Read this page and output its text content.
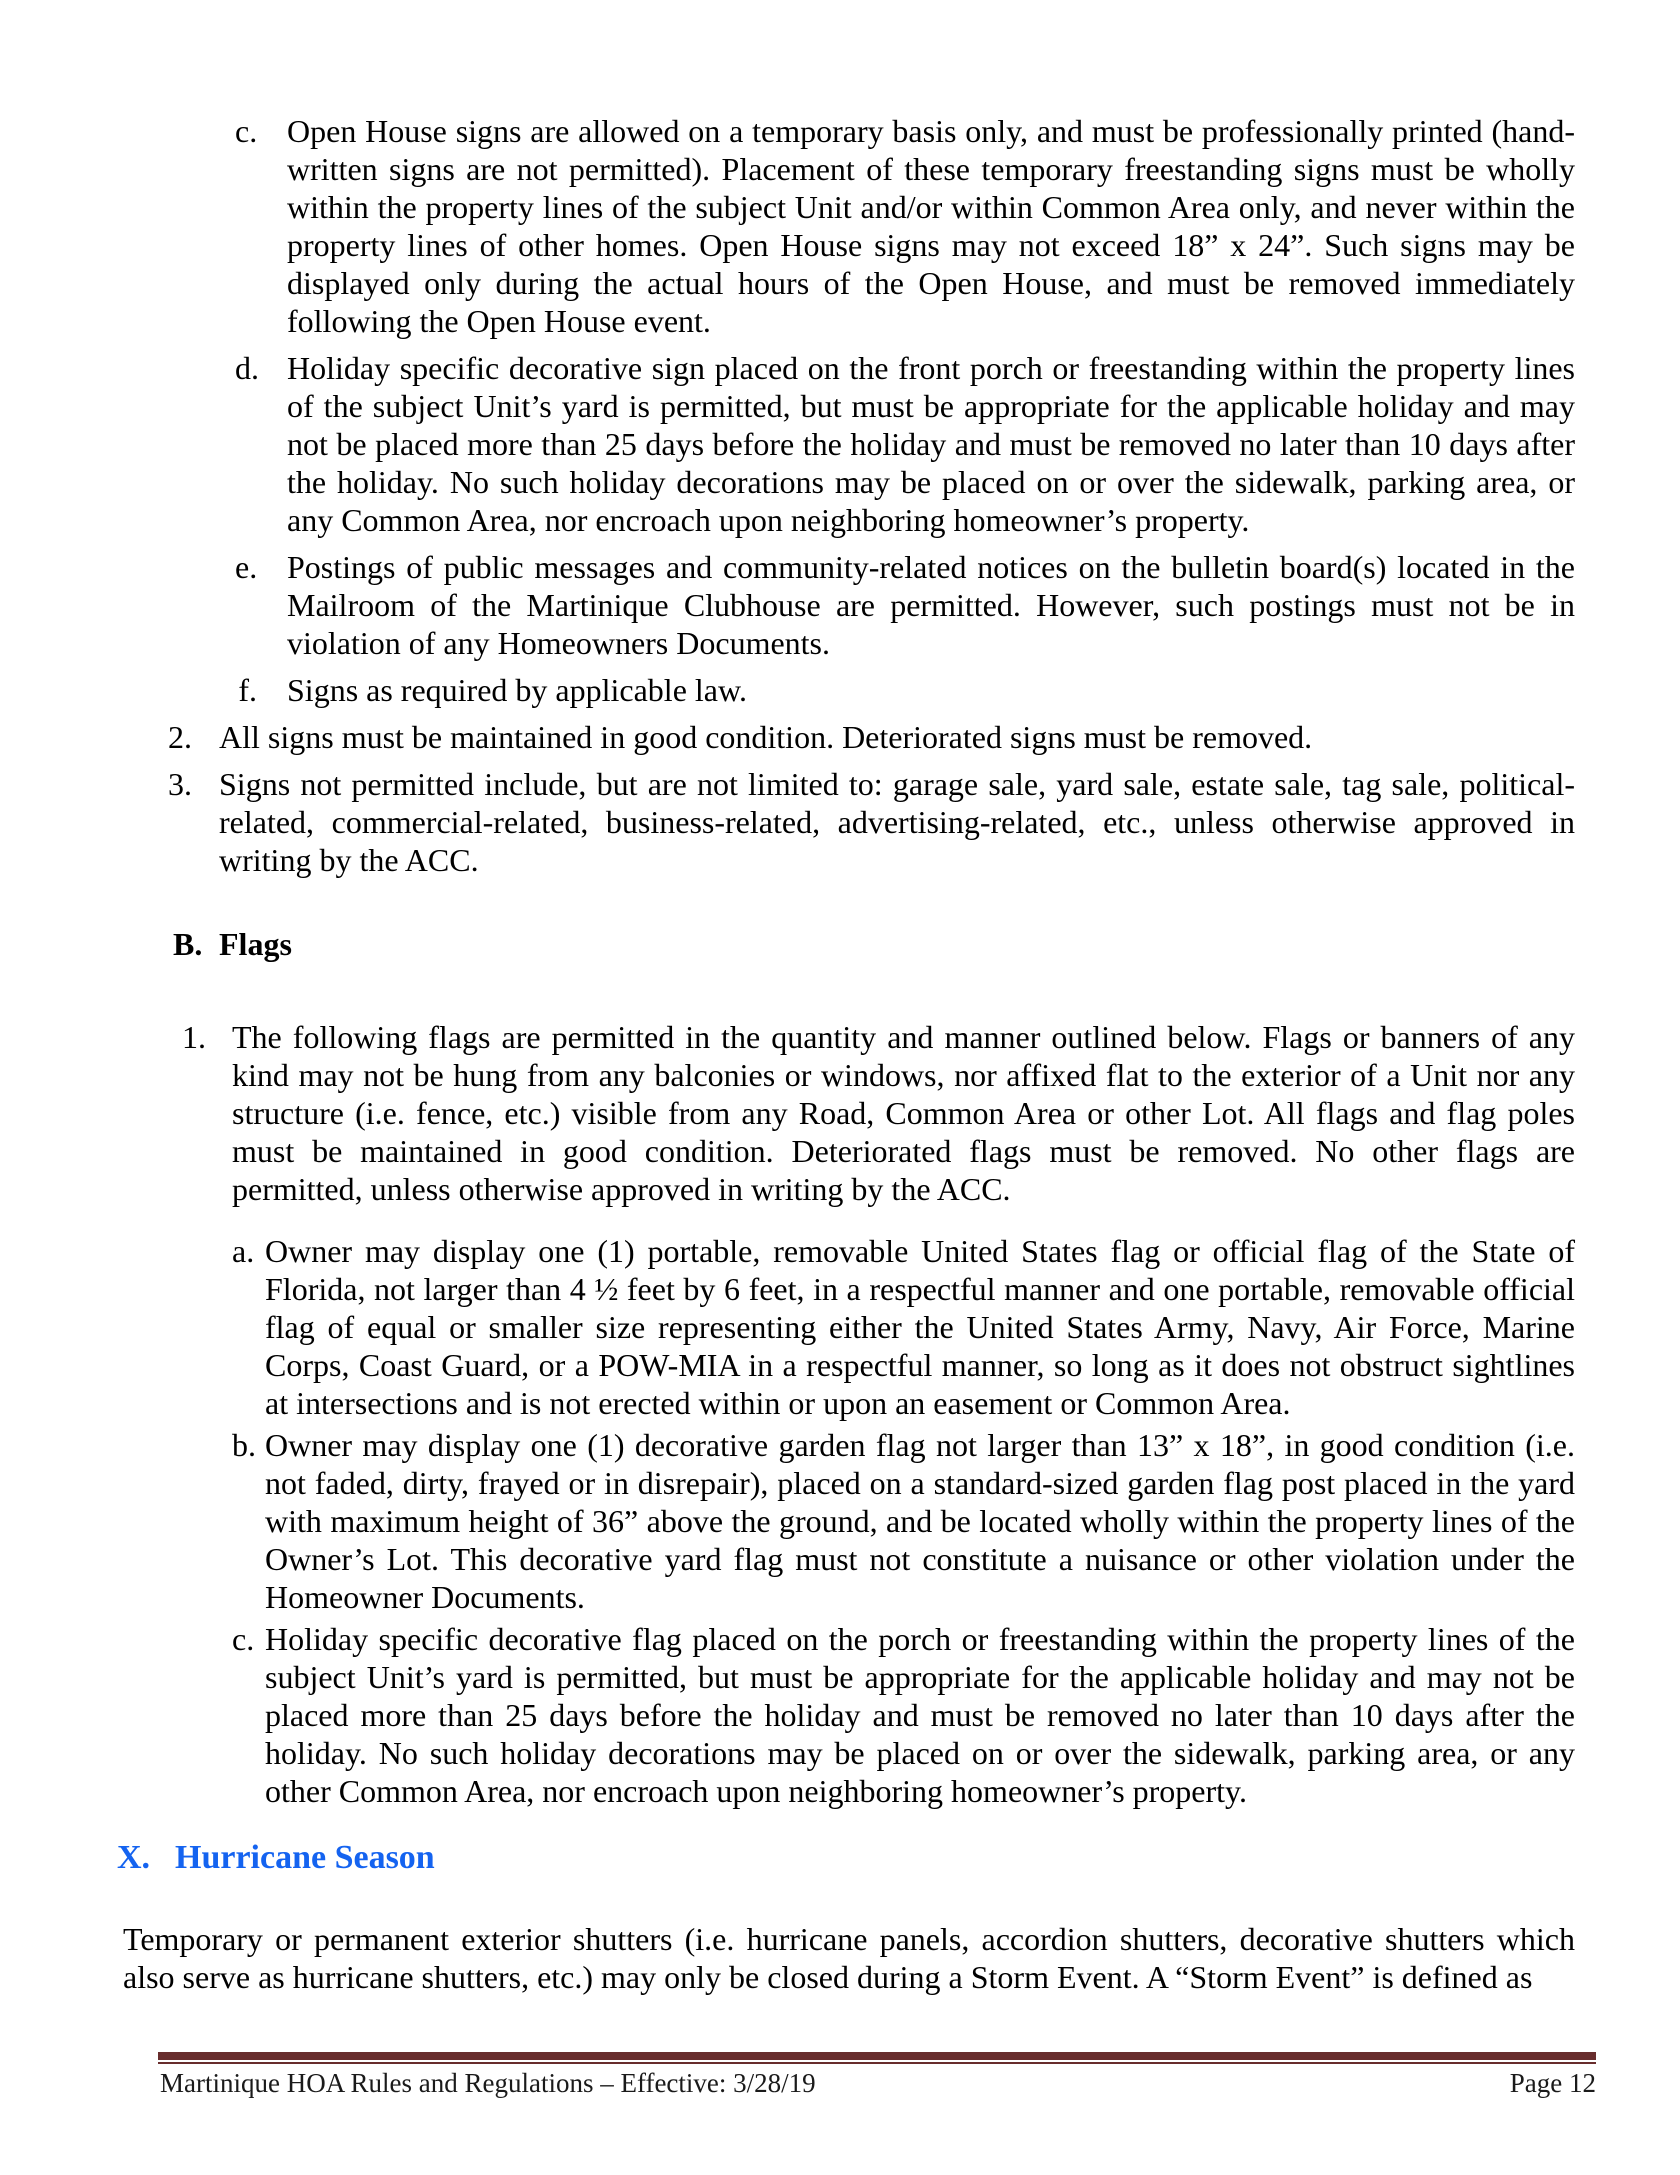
c. Open House signs are allowed on a temporary basis only, and must be professionally printed (hand-written signs are not permitted). Placement of these temporary freestanding signs must be wholly within the property lines of the subject Unit and/or within Common Area only, and never within the property lines of other homes. Open House signs may not exceed 18” x 24”. Such signs may be displayed only during the actual hours of the Open House, and must be removed immediately following the Open House event.
d. Holiday specific decorative sign placed on the front porch or freestanding within the property lines of the subject Unit’s yard is permitted, but must be appropriate for the applicable holiday and may not be placed more than 25 days before the holiday and must be removed no later than 10 days after the holiday. No such holiday decorations may be placed on or over the sidewalk, parking area, or any Common Area, nor encroach upon neighboring homeowner’s property.
e. Postings of public messages and community-related notices on the bulletin board(s) located in the Mailroom of the Martinique Clubhouse are permitted. However, such postings must not be in violation of any Homeowners Documents.
f. Signs as required by applicable law.
2. All signs must be maintained in good condition. Deteriorated signs must be removed.
3. Signs not permitted include, but are not limited to: garage sale, yard sale, estate sale, tag sale, political-related, commercial-related, business-related, advertising-related, etc., unless otherwise approved in writing by the ACC.
B. Flags
1. The following flags are permitted in the quantity and manner outlined below. Flags or banners of any kind may not be hung from any balconies or windows, nor affixed flat to the exterior of a Unit nor any structure (i.e. fence, etc.) visible from any Road, Common Area or other Lot. All flags and flag poles must be maintained in good condition. Deteriorated flags must be removed. No other flags are permitted, unless otherwise approved in writing by the ACC.
a. Owner may display one (1) portable, removable United States flag or official flag of the State of Florida, not larger than 4 ½ feet by 6 feet, in a respectful manner and one portable, removable official flag of equal or smaller size representing either the United States Army, Navy, Air Force, Marine Corps, Coast Guard, or a POW-MIA in a respectful manner, so long as it does not obstruct sightlines at intersections and is not erected within or upon an easement or Common Area.
b. Owner may display one (1) decorative garden flag not larger than 13” x 18”, in good condition (i.e. not faded, dirty, frayed or in disrepair), placed on a standard-sized garden flag post placed in the yard with maximum height of 36” above the ground, and be located wholly within the property lines of the Owner’s Lot. This decorative yard flag must not constitute a nuisance or other violation under the Homeowner Documents.
c. Holiday specific decorative flag placed on the porch or freestanding within the property lines of the subject Unit’s yard is permitted, but must be appropriate for the applicable holiday and may not be placed more than 25 days before the holiday and must be removed no later than 10 days after the holiday. No such holiday decorations may be placed on or over the sidewalk, parking area, or any other Common Area, nor encroach upon neighboring homeowner’s property.
X. Hurricane Season

Temporary or permanent exterior shutters (i.e. hurricane panels, accordion shutters, decorative shutters which also serve as hurricane shutters, etc.) may only be closed during a Storm Event. A “Storm Event” is defined as

Martinique HOA Rules and Regulations – Effective: 3/28/19	Page 12
